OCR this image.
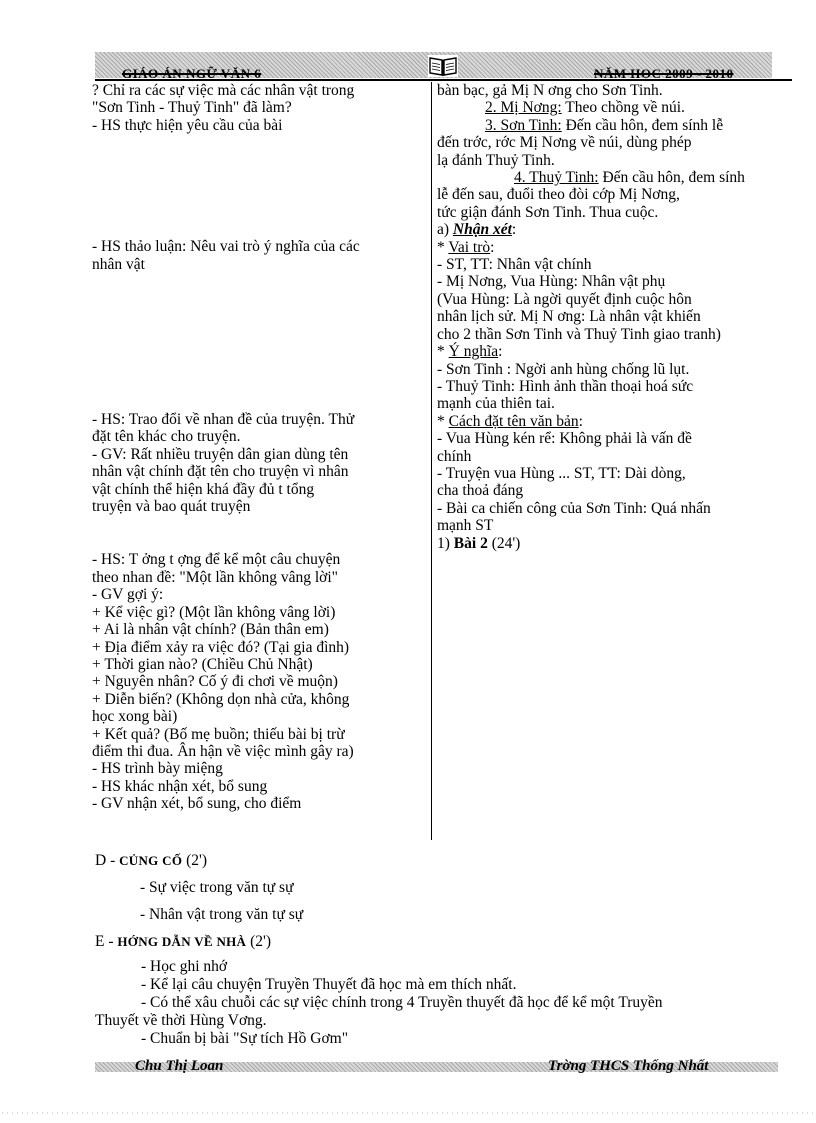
GIÁO ÁN NGỮ VĂN 6	NĂM HỌC 2009 - 2010
? Chỉ ra các sự việc mà các nhân vật trong
"Sơn Tinh - Thuỷ Tinh" đã làm?
- HS thực hiện yêu cầu của bài
- HS thảo luận: Nêu vai trò ý nghĩa của các
nhân vật
- HS: Trao đổi về nhan đề của truyện. Thử
đặt tên khác cho truyện.
- GV: Rất nhiều truyện dân gian dùng tên
nhân vật chính đặt tên cho truyện vì nhân
vật chính thể hiện khá đầy đủ t tổng
truyện và bao quát truyện
- HS: T ởng t ợng để kể một câu chuyện
theo nhan đề: "Một lần không vâng lời"
- GV gợi ý:
+ Kể việc gì? (Một lần không vâng lời)
+ Ai là nhân vật chính? (Bản thân em)
+ Địa điểm xảy ra việc đó? (Tại gia đình)
+ Thời gian nào? (Chiều Chủ Nhật)
+ Nguyên nhân? Cố ý đi chơi về muộn)
+ Diễn biến? (Không dọn nhà cửa, không
học xong bài)
+ Kết quả? (Bố mẹ buồn; thiếu bài bị trừ
điểm thi đua. Ân hận về việc mình gây ra)
- HS trình bày miệng
- HS khác nhận xét, bổ sung
- GV nhận xét, bổ sung, cho điểm
bàn bạc, gả Mị N ơng cho Sơn Tinh.
2. Mị Nơng: Theo chồng về núi.
3. Sơn Tinh: Đến cầu hôn, đem sính lễ
đến trớc, rớc Mị Nơng về núi, dùng phép
lạ đánh Thuỷ Tinh.
4. Thuỷ Tinh: Đến cầu hôn, đem sính
lễ đến sau, đuổi theo đòi cớp Mị Nơng,
tức giận đánh Sơn Tinh. Thua cuộc.
a) Nhận xét:
* Vai trò:
- ST, TT: Nhân vật chính
- Mị Nơng, Vua Hùng: Nhân vật phụ
(Vua Hùng: Là ngời quyết định cuộc hôn
nhân lịch sử. Mị N ơng: Là nhân vật khiến
cho 2 thần Sơn Tinh và Thuỷ Tinh giao tranh)
* Ý nghĩa:
- Sơn Tinh : Ngời anh hùng chống lũ lụt.
- Thuỷ Tinh: Hình ảnh thần thoại hoá sức
mạnh của thiên tai.
* Cách đặt tên văn bản:
- Vua Hùng kén rể: Không phải là vấn đề
chính
- Truyện vua Hùng ... ST, TT: Dài dòng,
cha thoả đáng
- Bài ca chiến công của Sơn Tinh: Quá nhấn
mạnh ST
1) Bài 2 (24')
D - CỦNG CỐ (2')
- Sự việc trong văn tự sự
- Nhân vật trong văn tự sự
E - HỚNG DẪN VỀ NHÀ (2')
- Học ghi nhớ
- Kể lại câu chuyện Truyền Thuyết đã học mà em thích nhất.
- Có thể xâu chuỗi các sự việc chính trong 4 Truyền thuyết đã học để kể một Truyền
Thuyết về thời Hùng Vơng.
- Chuẩn bị bài "Sự tích Hồ Gơm"
Chu Thị Loan	Trờng THCS Thống Nhất
